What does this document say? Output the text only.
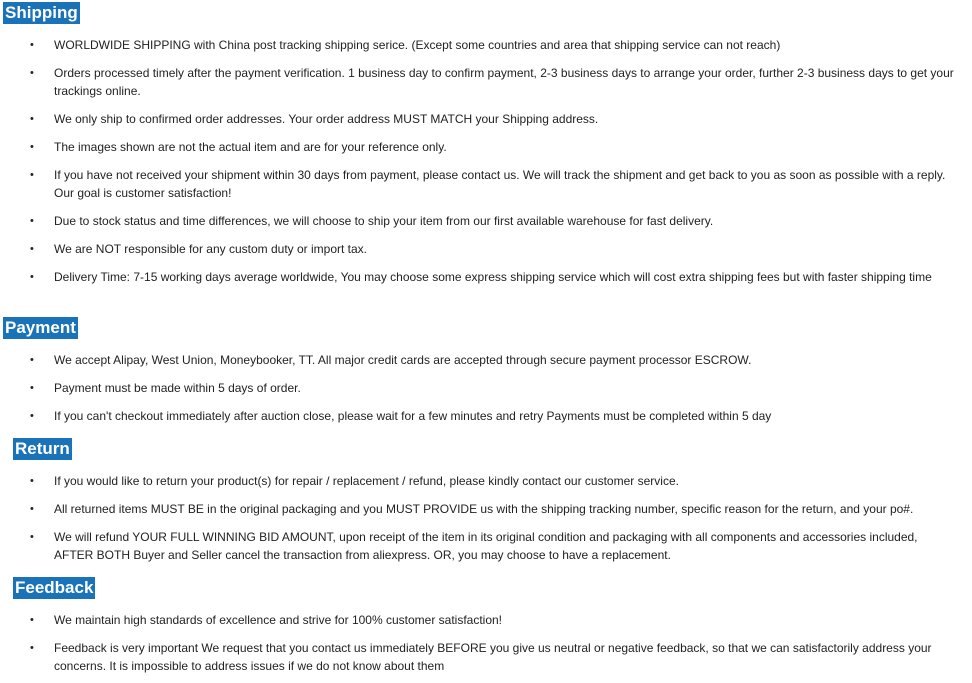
Shipping
•	WORLDWIDE SHIPPING with China post tracking shipping serice. (Except some countries and area that shipping service can not reach)
•	Orders processed timely after the payment verification. 1 business day to confirm payment, 2-3 business days to arrange your order, further 2-3 business days to get your trackings online.
•	We only ship to confirmed order addresses. Your order address MUST MATCH your Shipping address.
•	The images shown are not the actual item and are for your reference only.
•	If you have not received your shipment within 30 days from payment, please contact us. We will track the shipment and get back to you as soon as possible with a reply. Our goal is customer satisfaction!
•	Due to stock status and time differences, we will choose to ship your item from our first available warehouse for fast delivery.
•	We are NOT responsible for any custom duty or import tax.
•	Delivery Time: 7-15 working days average worldwide, You may choose some express shipping service which will cost extra shipping fees but with faster shipping time
Payment
•	We accept Alipay, West Union, Moneybooker, TT. All major credit cards are accepted through secure payment processor ESCROW.
•	Payment must be made within 5 days of order.
•	If you can't checkout immediately after auction close, please wait for a few minutes and retry Payments must be completed within 5 day
Return
•	If you would like to return your product(s) for repair / replacement / refund, please kindly contact our customer service.
•	All returned items MUST BE in the original packaging and you MUST PROVIDE us with the shipping tracking number, specific reason for the return, and your po#.
•	We will refund YOUR FULL WINNING BID AMOUNT, upon receipt of the item in its original condition and packaging with all components and accessories included, AFTER BOTH Buyer and Seller cancel the transaction from aliexpress. OR, you may choose to have a replacement.
Feedback
•	We maintain high standards of excellence and strive for 100% customer satisfaction!
•	Feedback is very important We request that you contact us immediately BEFORE you give us neutral or negative feedback, so that we can satisfactorily address your concerns. It is impossible to address issues if we do not know about them
